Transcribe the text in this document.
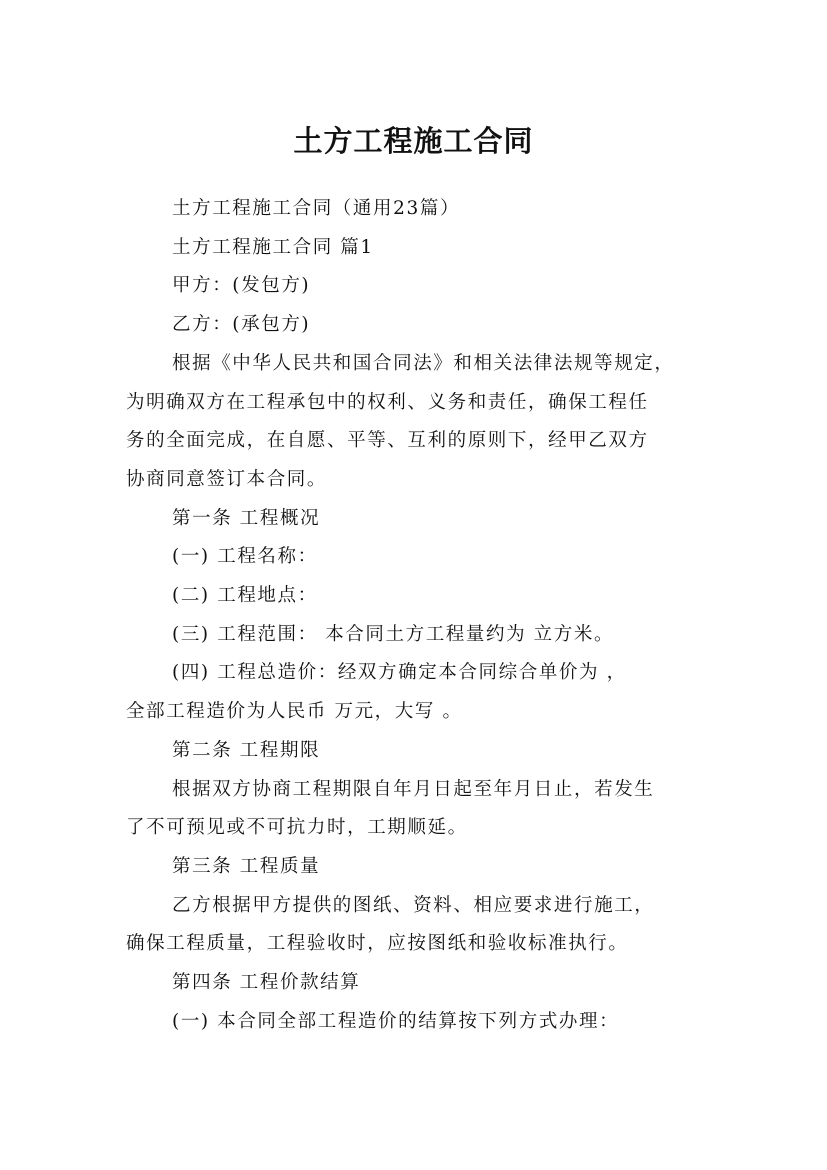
土方工程施工合同

土方工程施工合同（通用23篇）

土方工程施工合同 篇1

甲方：(发包方)

乙方：(承包方)

根据《中华人民共和国合同法》和相关法律法规等规定，
为明确双方在工程承包中的权利、义务和责任，确保工程任
务的全面完成，在自愿、平等、互利的原则下，经甲乙双方
协商同意签订本合同。

第一条 工程概况

(一) 工程名称：

(二) 工程地点：

(三) 工程范围： 本合同土方工程量约为 立方米。

(四) 工程总造价：经双方确定本合同综合单价为 ，
全部工程造价为人民币 万元，大写 。

第二条 工程期限

根据双方协商工程期限自年月日起至年月日止，若发生
了不可预见或不可抗力时，工期顺延。

第三条 工程质量

乙方根据甲方提供的图纸、资料、相应要求进行施工，
确保工程质量，工程验收时，应按图纸和验收标准执行。

第四条 工程价款结算

(一) 本合同全部工程造价的结算按下列方式办理：
